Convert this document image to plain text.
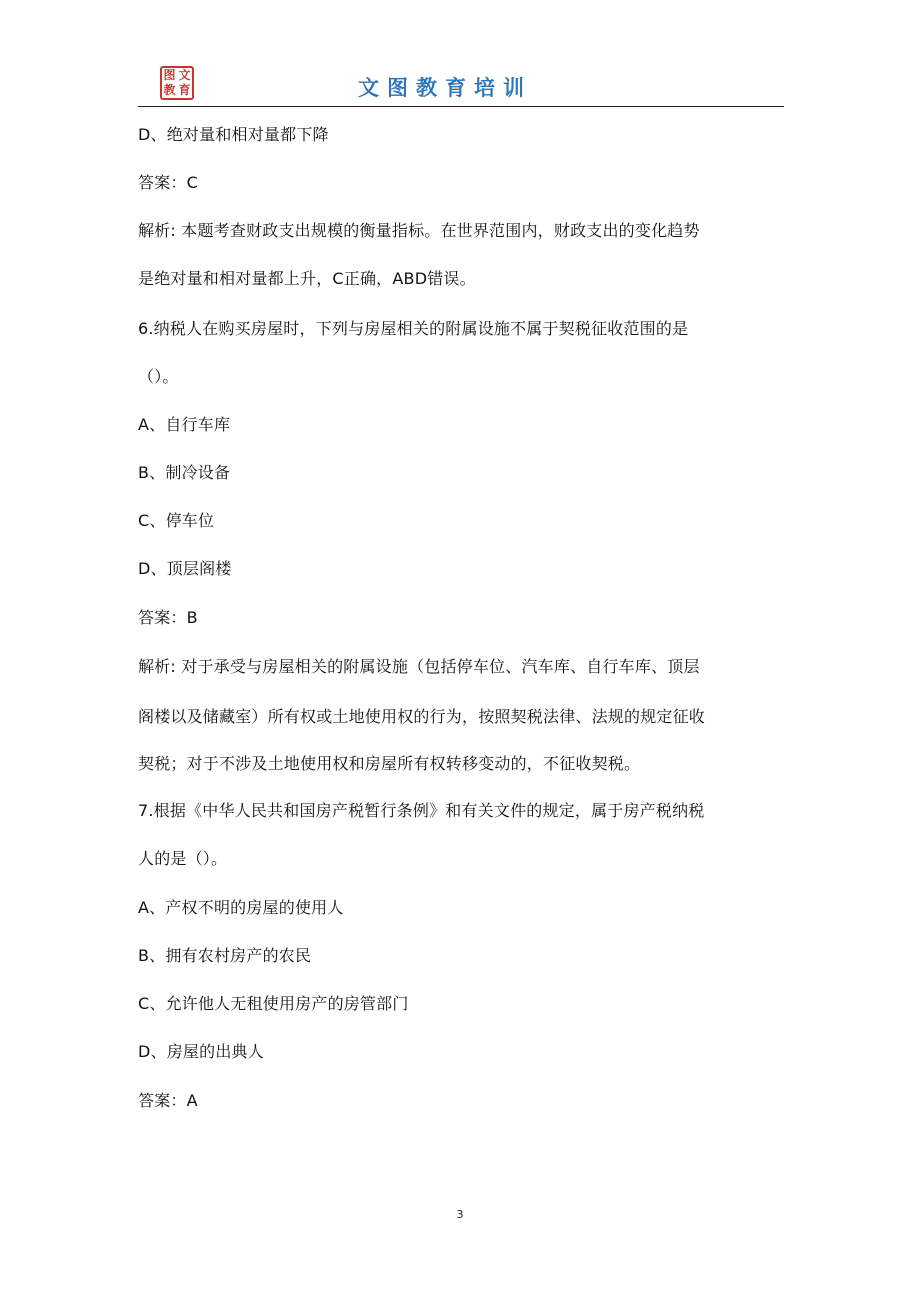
图 文
教 育	文图教育培训
D、绝对量和相对量都下降
答案：C
解析: 本题考查财政支出规模的衡量指标。在世界范围内，财政支出的变化趋势
是绝对量和相对量都上升，C正确，ABD错误。
6.纳税人在购买房屋时，下列与房屋相关的附属设施不属于契税征收范围的是
（）。
A、自行车库
B、制冷设备
C、停车位
D、顶层阁楼
答案：B
解析: 对于承受与房屋相关的附属设施（包括停车位、汽车库、自行车库、顶层
阁楼以及储藏室）所有权或土地使用权的行为，按照契税法律、法规的规定征收
契税；对于不涉及土地使用权和房屋所有权转移变动的，不征收契税。
7.根据《中华人民共和国房产税暂行条例》和有关文件的规定，属于房产税纳税
人的是（）。
A、产权不明的房屋的使用人
B、拥有农村房产的农民
C、允许他人无租使用房产的房管部门
D、房屋的出典人
答案：A
3
